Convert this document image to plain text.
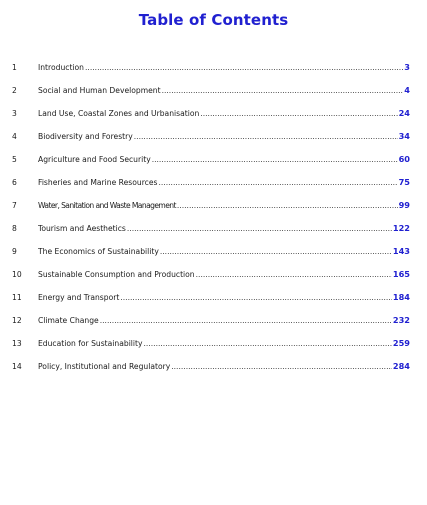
Table of Contents
1	Introduction .....	3
2	Social and Human Development .....	4
3	Land Use, Coastal Zones and Urbanisation .....	24
4	Biodiversity and Forestry .....	34
5	Agriculture and Food Security .....	60
6	Fisheries and Marine Resources .....	75
7	Water, Sanitation and Waste Management .....	99
8	Tourism and Aesthetics .....	122
9	The Economics of Sustainability .....	143
10	Sustainable Consumption and Production .....	165
11	Energy and Transport .....	184
12	Climate Change .....	232
13	Education for Sustainability .....	259
14	Policy, Institutional and Regulatory .....	284
